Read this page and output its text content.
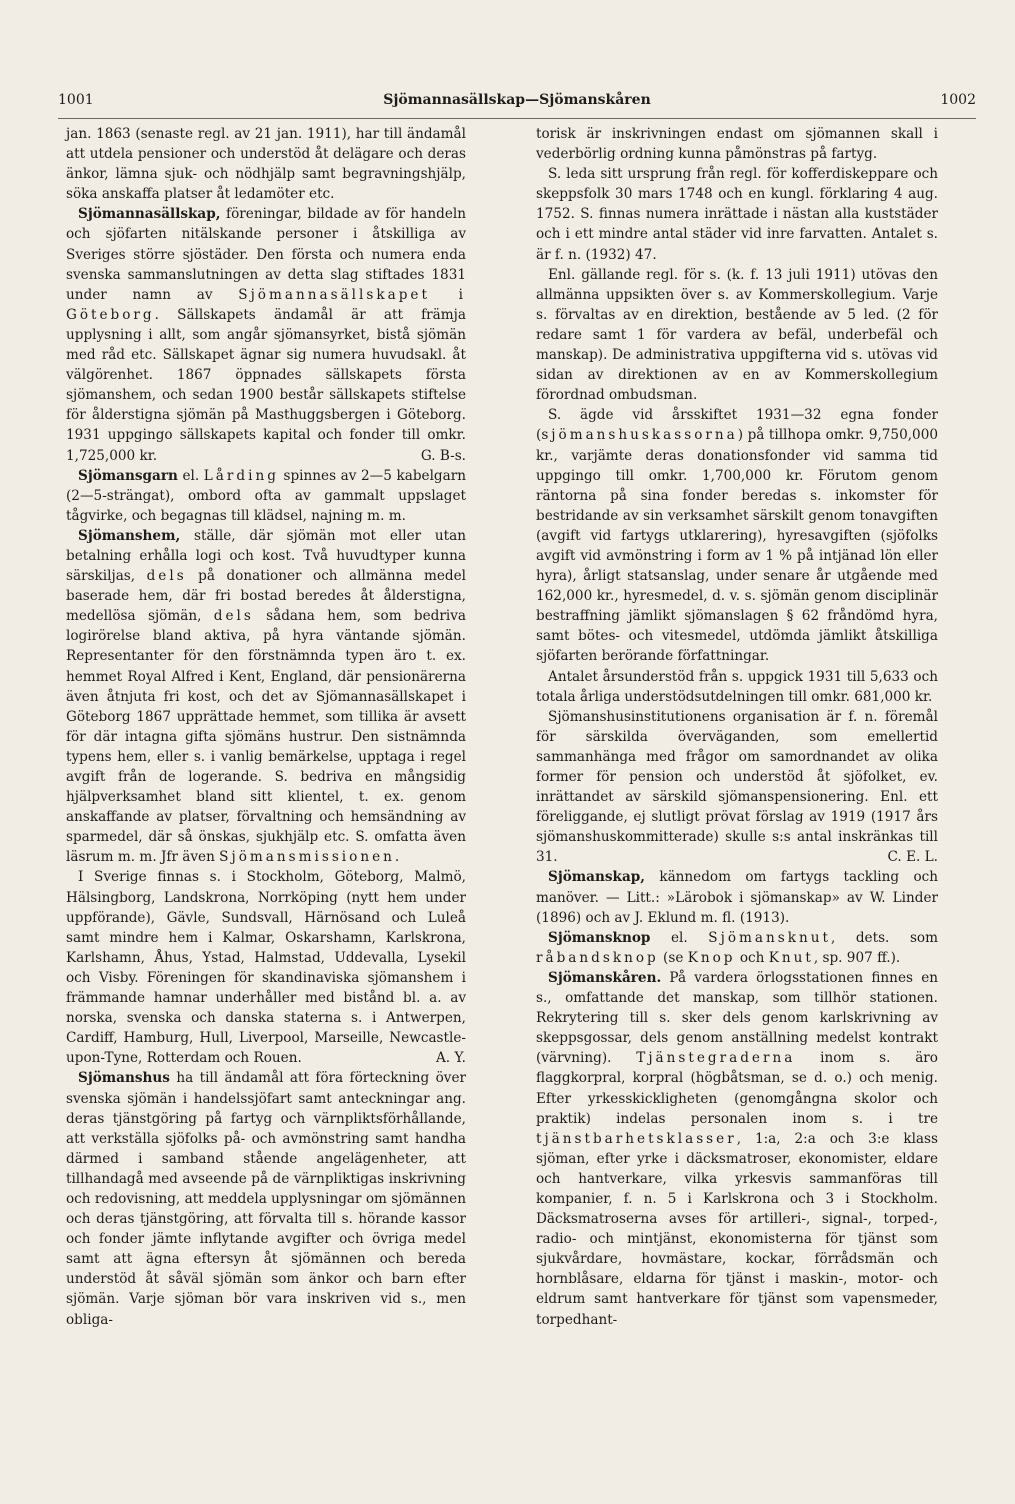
1001	Sjömannasällskap—Sjömanskåren	1002

jan. 1863 (senaste regl. av 21 jan. 1911), har till ändamål att utdela pensioner och understöd åt delägare och deras änkor, lämna sjuk- och nödhjälp samt begravningshjälp, söka anskaffa platser åt ledamöter etc.

Sjömannasällskap, föreningar, bildade av för handeln och sjöfarten nitälskande personer i åtskilliga av Sveriges större sjöstäder. Den första och numera enda svenska sammanslutningen av detta slag stiftades 1831 under namn av Sjömannasällskapet i Göteborg. Sällskapets ändamål är att främja upplysning i allt, som angår sjömansyrket, bistå sjömän med råd etc. Sällskapet ägnar sig numera huvudsakl. åt välgörenhet. 1867 öppnades sällskapets första sjömanshem, och sedan 1900 består sällskapets stiftelse för ålderstigna sjömän på Masthuggsbergen i Göteborg. 1931 uppgingo sällskapets kapital och fonder till omkr. 1,725,000 kr.	G. B-s.

Sjömansgarn el. Lårding spinnes av 2—5 kabelgarn (2—5-strängat), ombord ofta av gammalt uppslaget tågvirke, och begagnas till klädsel, najning m. m.

Sjömanshem, ställe, där sjömän mot eller utan betalning erhålla logi och kost. Två huvudtyper kunna särskiljas, dels på donationer och allmänna medel baserade hem, där fri bostad beredes åt ålderstigna, medellösa sjömän, dels sådana hem, som bedriva logirörelse bland aktiva, på hyra väntande sjömän. Representanter för den förstnämnda typen äro t. ex. hemmet Royal Alfred i Kent, England, där pensionärerna även åtnjuta fri kost, och det av Sjömannasällskapet i Göteborg 1867 upprättade hemmet, som tillika är avsett för där intagna gifta sjömäns hustrur. Den sistnämnda typens hem, eller s. i vanlig bemärkelse, upptaga i regel avgift från de logerande. S. bedriva en mångsidig hjälpverksamhet bland sitt klientel, t. ex. genom anskaffande av platser, förvaltning och hemsändning av sparmedel, där så önskas, sjukhjälp etc. S. omfatta även läsrum m. m. Jfr även Sjömansmissionen.

I Sverige finnas s. i Stockholm, Göteborg, Malmö, Hälsingborg, Landskrona, Norrköping (nytt hem under uppförande), Gävle, Sundsvall, Härnösand och Luleå samt mindre hem i Kalmar, Oskarshamn, Karlskrona, Karlshamn, Åhus, Ystad, Halmstad, Uddevalla, Lysekil och Visby. Föreningen för skandinaviska sjömanshem i främmande hamnar underhåller med bistånd bl. a. av norska, svenska och danska staterna s. i Antwerpen, Cardiff, Hamburg, Hull, Liverpool, Marseille, Newcastle-upon-Tyne, Rotterdam och Rouen.	A. Y.

Sjömanshus ha till ändamål att föra förteckning över svenska sjömän i handelssjöfart samt anteckningar ang. deras tjänstgöring på fartyg och värnpliktsförhållande, att verkställa sjöfolks på- och avmönstring samt handha därmed i samband stående angelägenheter, att tillhandagå med avseende på de värnpliktigas inskrivning och redovisning, att meddela upplysningar om sjömännen och deras tjänstgöring, att förvalta till s. hörande kassor och fonder jämte inflytande avgifter och övriga medel samt att ägna eftersyn åt sjömännen och bereda understöd åt såväl sjömän som änkor och barn efter sjömän. Varje sjöman bör vara inskriven vid s., men obliga-

torisk är inskrivningen endast om sjömannen skall i vederbörlig ordning kunna påmönstras på fartyg.

S. leda sitt ursprung från regl. för kofferdiskeppare och skeppsfolk 30 mars 1748 och en kungl. förklaring 4 aug. 1752. S. finnas numera inrättade i nästan alla kuststäder och i ett mindre antal städer vid inre farvatten. Antalet s. är f. n. (1932) 47.

Enl. gällande regl. för s. (k. f. 13 juli 1911) utövas den allmänna uppsikten över s. av Kommerskollegium. Varje s. förvaltas av en direktion, bestående av 5 led. (2 för redare samt 1 för vardera av befäl, underbefäl och manskap). De administrativa uppgifterna vid s. utövas vid sidan av direktionen av en av Kommerskollegium förordnad ombudsman.

S. ägde vid årsskiftet 1931—32 egna fonder (sjömanshuskassorna) på tillhopa omkr. 9,750,000 kr., varjämte deras donationsfonder vid samma tid uppgingo till omkr. 1,700,000 kr. Förutom genom räntorna på sina fonder beredas s. inkomster för bestridande av sin verksamhet särskilt genom tonavgiften (avgift vid fartygs utklarering), hyresavgiften (sjöfolks avgift vid avmönstring i form av 1 % på intjänad lön eller hyra), årligt statsanslag, under senare år utgående med 162,000 kr., hyresmedel, d. v. s. sjömän genom disciplinär bestraffning jämlikt sjömanslagen § 62 fråndömd hyra, samt bötes- och vitesmedel, utdömda jämlikt åtskilliga sjöfarten berörande författningar.

Antalet årsunderstöd från s. uppgick 1931 till 5,633 och totala årliga understödsutdelningen till omkr. 681,000 kr.

Sjömanshusinstitutionens organisation är f. n. föremål för särskilda överväganden, som emellertid sammanhänga med frågor om samordnandet av olika former för pension och understöd åt sjöfolket, ev. inrättandet av särskild sjömanspensionering. Enl. ett föreliggande, ej slutligt prövat förslag av 1919 (1917 års sjömanshuskommitterade) skulle s:s antal inskränkas till 31.	C. E. L.

Sjömanskap, kännedom om fartygs tackling och manöver. — Litt.: »Lärobok i sjömanskap» av W. Linder (1896) och av J. Eklund m. fl. (1913).

Sjömansknop el. Sjömansknut, dets. som råbandsknop (se Knop och Knut, sp. 907 ff.).

Sjömanskåren. På vardera örlogsstationen finnes en s., omfattande det manskap, som tillhör stationen. Rekrytering till s. sker dels genom karlskrivning av skeppsgossar, dels genom anställning medelst kontrakt (värvning). Tjänstegraderna inom s. äro flaggkorpral, korpral (högbåtsman, se d. o.) och menig. Efter yrkesskickligheten (genomgångna skolor och praktik) indelas personalen inom s. i tre tjänstbarhetsklasser, 1:a, 2:a och 3:e klass sjöman, efter yrke i däcksmatroser, ekonomister, eldare och hantverkare, vilka yrkesvis sammanföras till kompanier, f. n. 5 i Karlskrona och 3 i Stockholm. Däcksmatroserna avses för artilleri-, signal-, torped-, radio- och mintjänst, ekonomisterna för tjänst som sjukvårdare, hovmästare, kockar, förrådsmän och hornblåsare, eldarna för tjänst i maskin-, motor- och eldrum samt hantverkare för tjänst som vapensmeder, torpedhant-
